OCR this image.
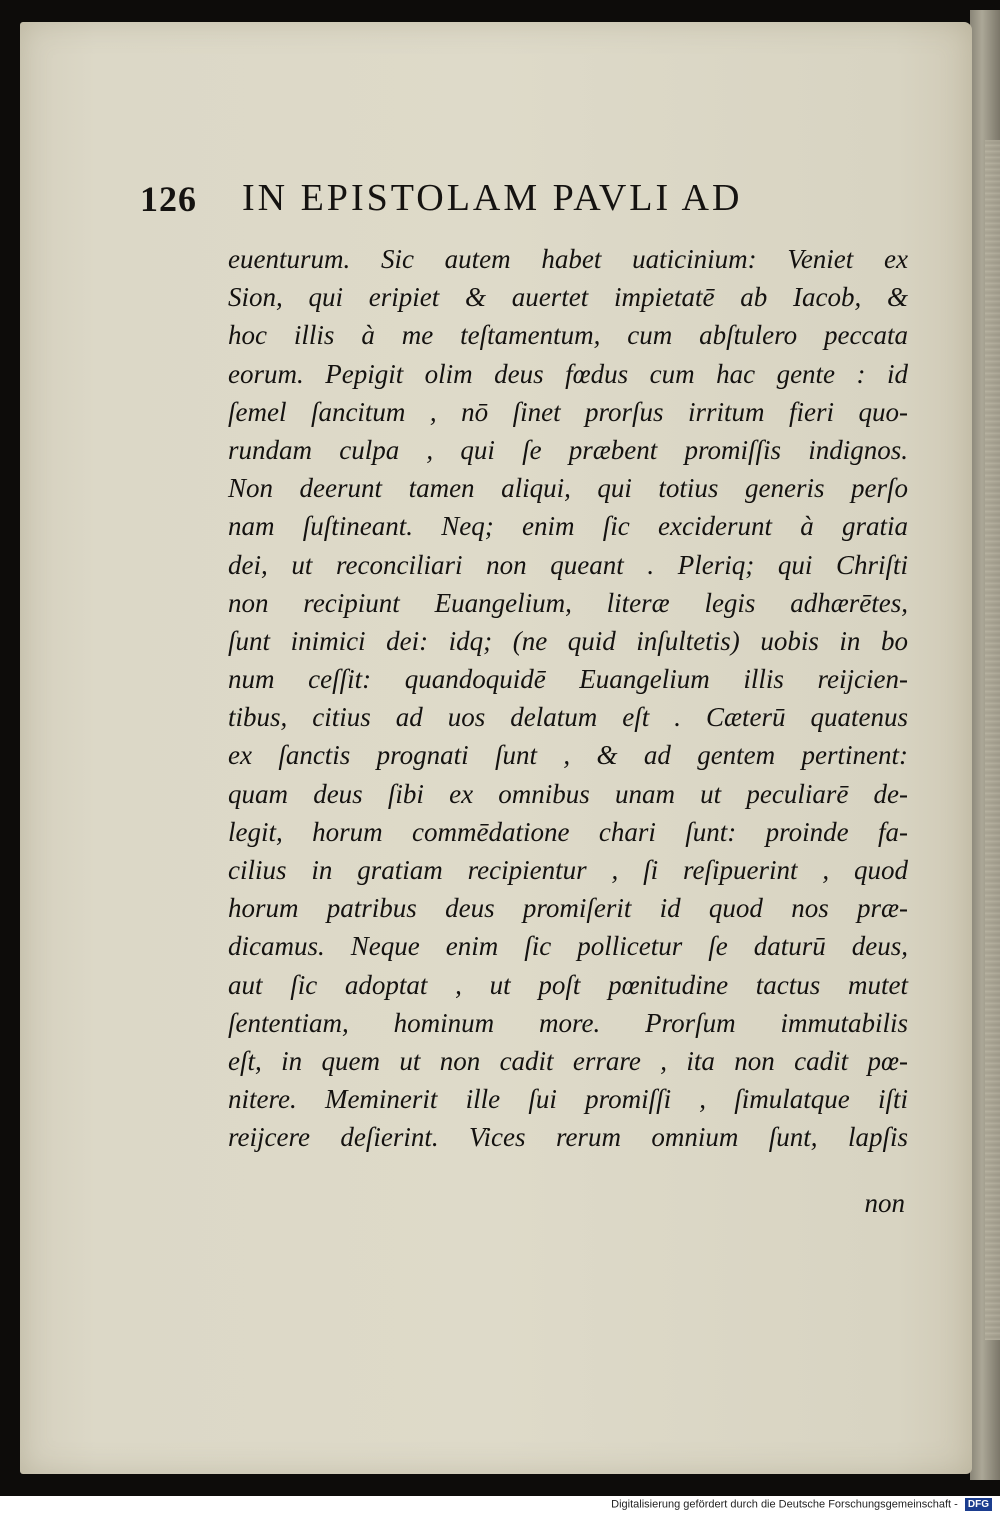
126 IN EPISTOLAM PAVLI AD
euenturum. Sic autem habet uaticinium: Veniet ex
Sion, qui eripiet & auertet impietatē ab Iacob, &
hoc illis à me teſtamentum, cum abſtulero peccata
eorum. Pepigit olim deus fœdus cum hac gente : id
ſemel ſancitum , nō ſinet prorſus irritum fieri quo-
rundam culpa , qui ſe præbent promiſſis indignos.
Non deerunt tamen aliqui, qui totius generis perſo
nam ſuſtineant. Neq; enim ſic exciderunt à gratia
dei, ut reconciliari non queant . Pleriq; qui Chriſti
non recipiunt Euangelium, literæ legis adhærētes,
ſunt inimici dei: idq; (ne quid inſultetis) uobis in bo
num ceſſit: quandoquidē Euangelium illis reijcien-
tibus, citius ad uos delatum eſt . Cæterū quatenus
ex ſanctis prognati ſunt , & ad gentem pertinent:
quam deus ſibi ex omnibus unam ut peculiarē de-
legit, horum commēdatione chari ſunt: proinde fa-
cilius in gratiam recipientur , ſi reſipuerint , quod
horum patribus deus promiſerit id quod nos præ-
dicamus. Neque enim ſic pollicetur ſe daturū deus,
aut ſic adoptat , ut poſt pœnitudine tactus mutet
ſententiam, hominum more. Prorſum immutabilis
eſt, in quem ut non cadit errare , ita non cadit pœ-
nitere. Meminerit ille ſui promiſſi , ſimulatque iſti
reijcere deſierint. Vices rerum omnium ſunt, lapſis
non
Digitalisierung gefördert durch die Deutsche Forschungsgemeinschaft - DFG
